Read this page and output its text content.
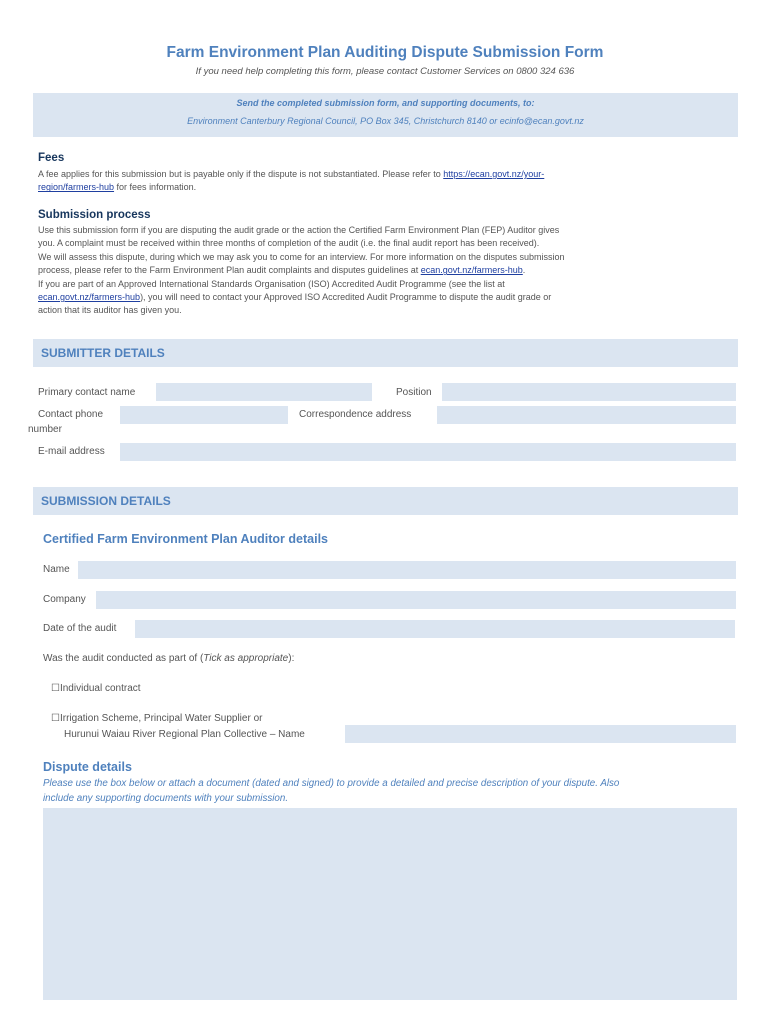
Farm Environment Plan Auditing Dispute Submission Form
If you need help completing this form, please contact Customer Services on 0800 324 636
Send the completed submission form, and supporting documents, to:
Environment Canterbury Regional Council, PO Box 345, Christchurch 8140 or ecinfo@ecan.govt.nz
Fees
A fee applies for this submission but is payable only if the dispute is not substantiated. Please refer to https://ecan.govt.nz/your-
region/farmers-hub for fees information.
Submission process
Use this submission form if you are disputing the audit grade or the action the Certified Farm Environment Plan (FEP) Auditor gives
you. A complaint must be received within three months of completion of the audit (i.e. the final audit report has been received).
We will assess this dispute, during which we may ask you to come for an interview. For more information on the disputes submission
process, please refer to the Farm Environment Plan audit complaints and disputes guidelines at ecan.govt.nz/farmers-hub.
If you are part of an Approved International Standards Organisation (ISO) Accredited Audit Programme (see the list at
ecan.govt.nz/farmers-hub), you will need to contact your Approved ISO Accredited Audit Programme to dispute the audit grade or
action that its auditor has given you.
SUBMITTER DETAILS
Primary contact name	Position
Contact phone
number
Correspondence address
E-mail address
SUBMISSION DETAILS
Certified Farm Environment Plan Auditor details
Name
Company
Date of the audit
Was the audit conducted as part of (Tick as appropriate):
☐Individual contract
☐Irrigation Scheme, Principal Water Supplier or
Hurunui Waiau River Regional Plan Collective – Name
Dispute details
Please use the box below or attach a document (dated and signed) to provide a detailed and precise description of your dispute. Also
include any supporting documents with your submission.
